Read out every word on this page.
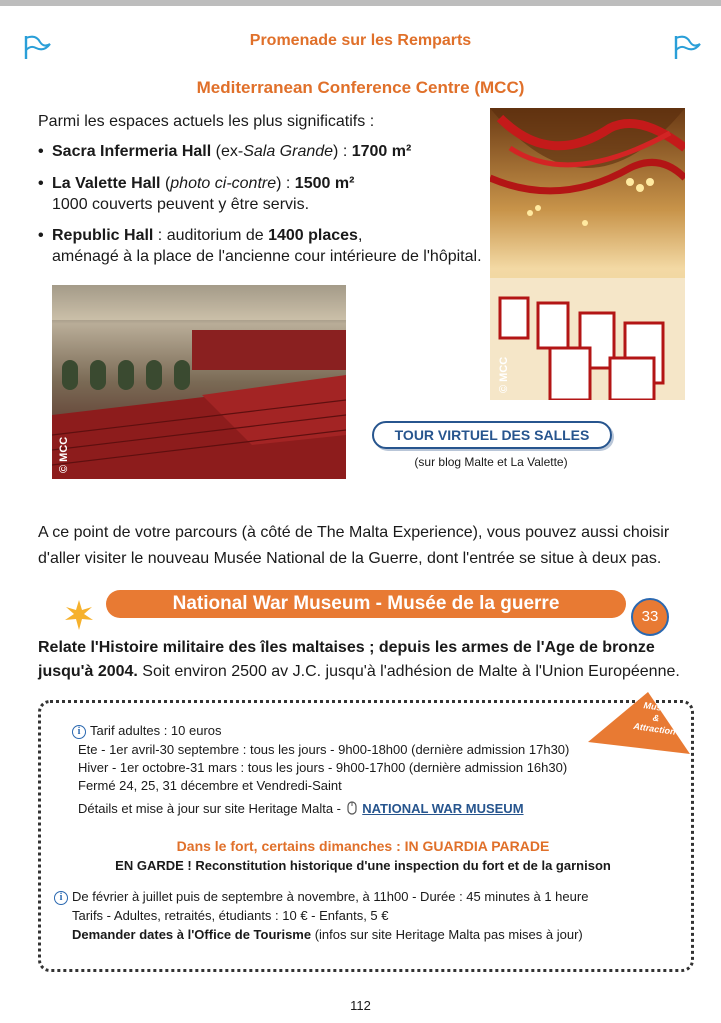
Promenade sur les Remparts
Mediterranean Conference Centre (MCC)
Parmi les espaces actuels les plus significatifs :
• Sacra Infermeria Hall (ex-Sala Grande) : 1700 m²
• La Valette Hall (photo ci-contre) : 1500 m²
1000 couverts peuvent y être servis.
• Republic Hall : auditorium de 1400 places,
aménagé à la place de l'ancienne cour intérieure de l'hôpital.
© MCC
© MCC
TOUR VIRTUEL DES SALLES
(sur blog Malte et La Valette)
A ce point de votre parcours (à côté de The Malta Experience), vous pouvez aussi choisir d'aller visiter le nouveau Musée National de la Guerre, dont l'entrée se situe à deux pas.
National War Museum - Musée de la guerre
33
Relate l'Histoire militaire des îles maltaises ; depuis les armes de l'Age de bronze jusqu'à 2004. Soit environ 2500 av J.C. jusqu'à l'adhésion de Malte à l'Union Européenne.
Musée
&
Attraction
i Tarif adultes : 10 euros
Ete - 1er avril-30 septembre : tous les jours - 9h00-18h00 (dernière admission 17h30)
Hiver - 1er octobre-31 mars : tous les jours - 9h00-17h00 (dernière admission 16h30)
Fermé 24, 25, 31 décembre et Vendredi-Saint
Détails et mise à jour sur site Heritage Malta -  NATIONAL WAR MUSEUM
Dans le fort, certains dimanches : IN GUARDIA PARADE
EN GARDE ! Reconstitution historique d'une inspection du fort et de la garnison
i De février à juillet puis de septembre à novembre, à 11h00 - Durée : 45 minutes à 1 heure
Tarifs - Adultes, retraités, étudiants : 10 € - Enfants, 5 €
Demander dates à l'Office de Tourisme (infos sur site Heritage Malta pas mises à jour)
112
